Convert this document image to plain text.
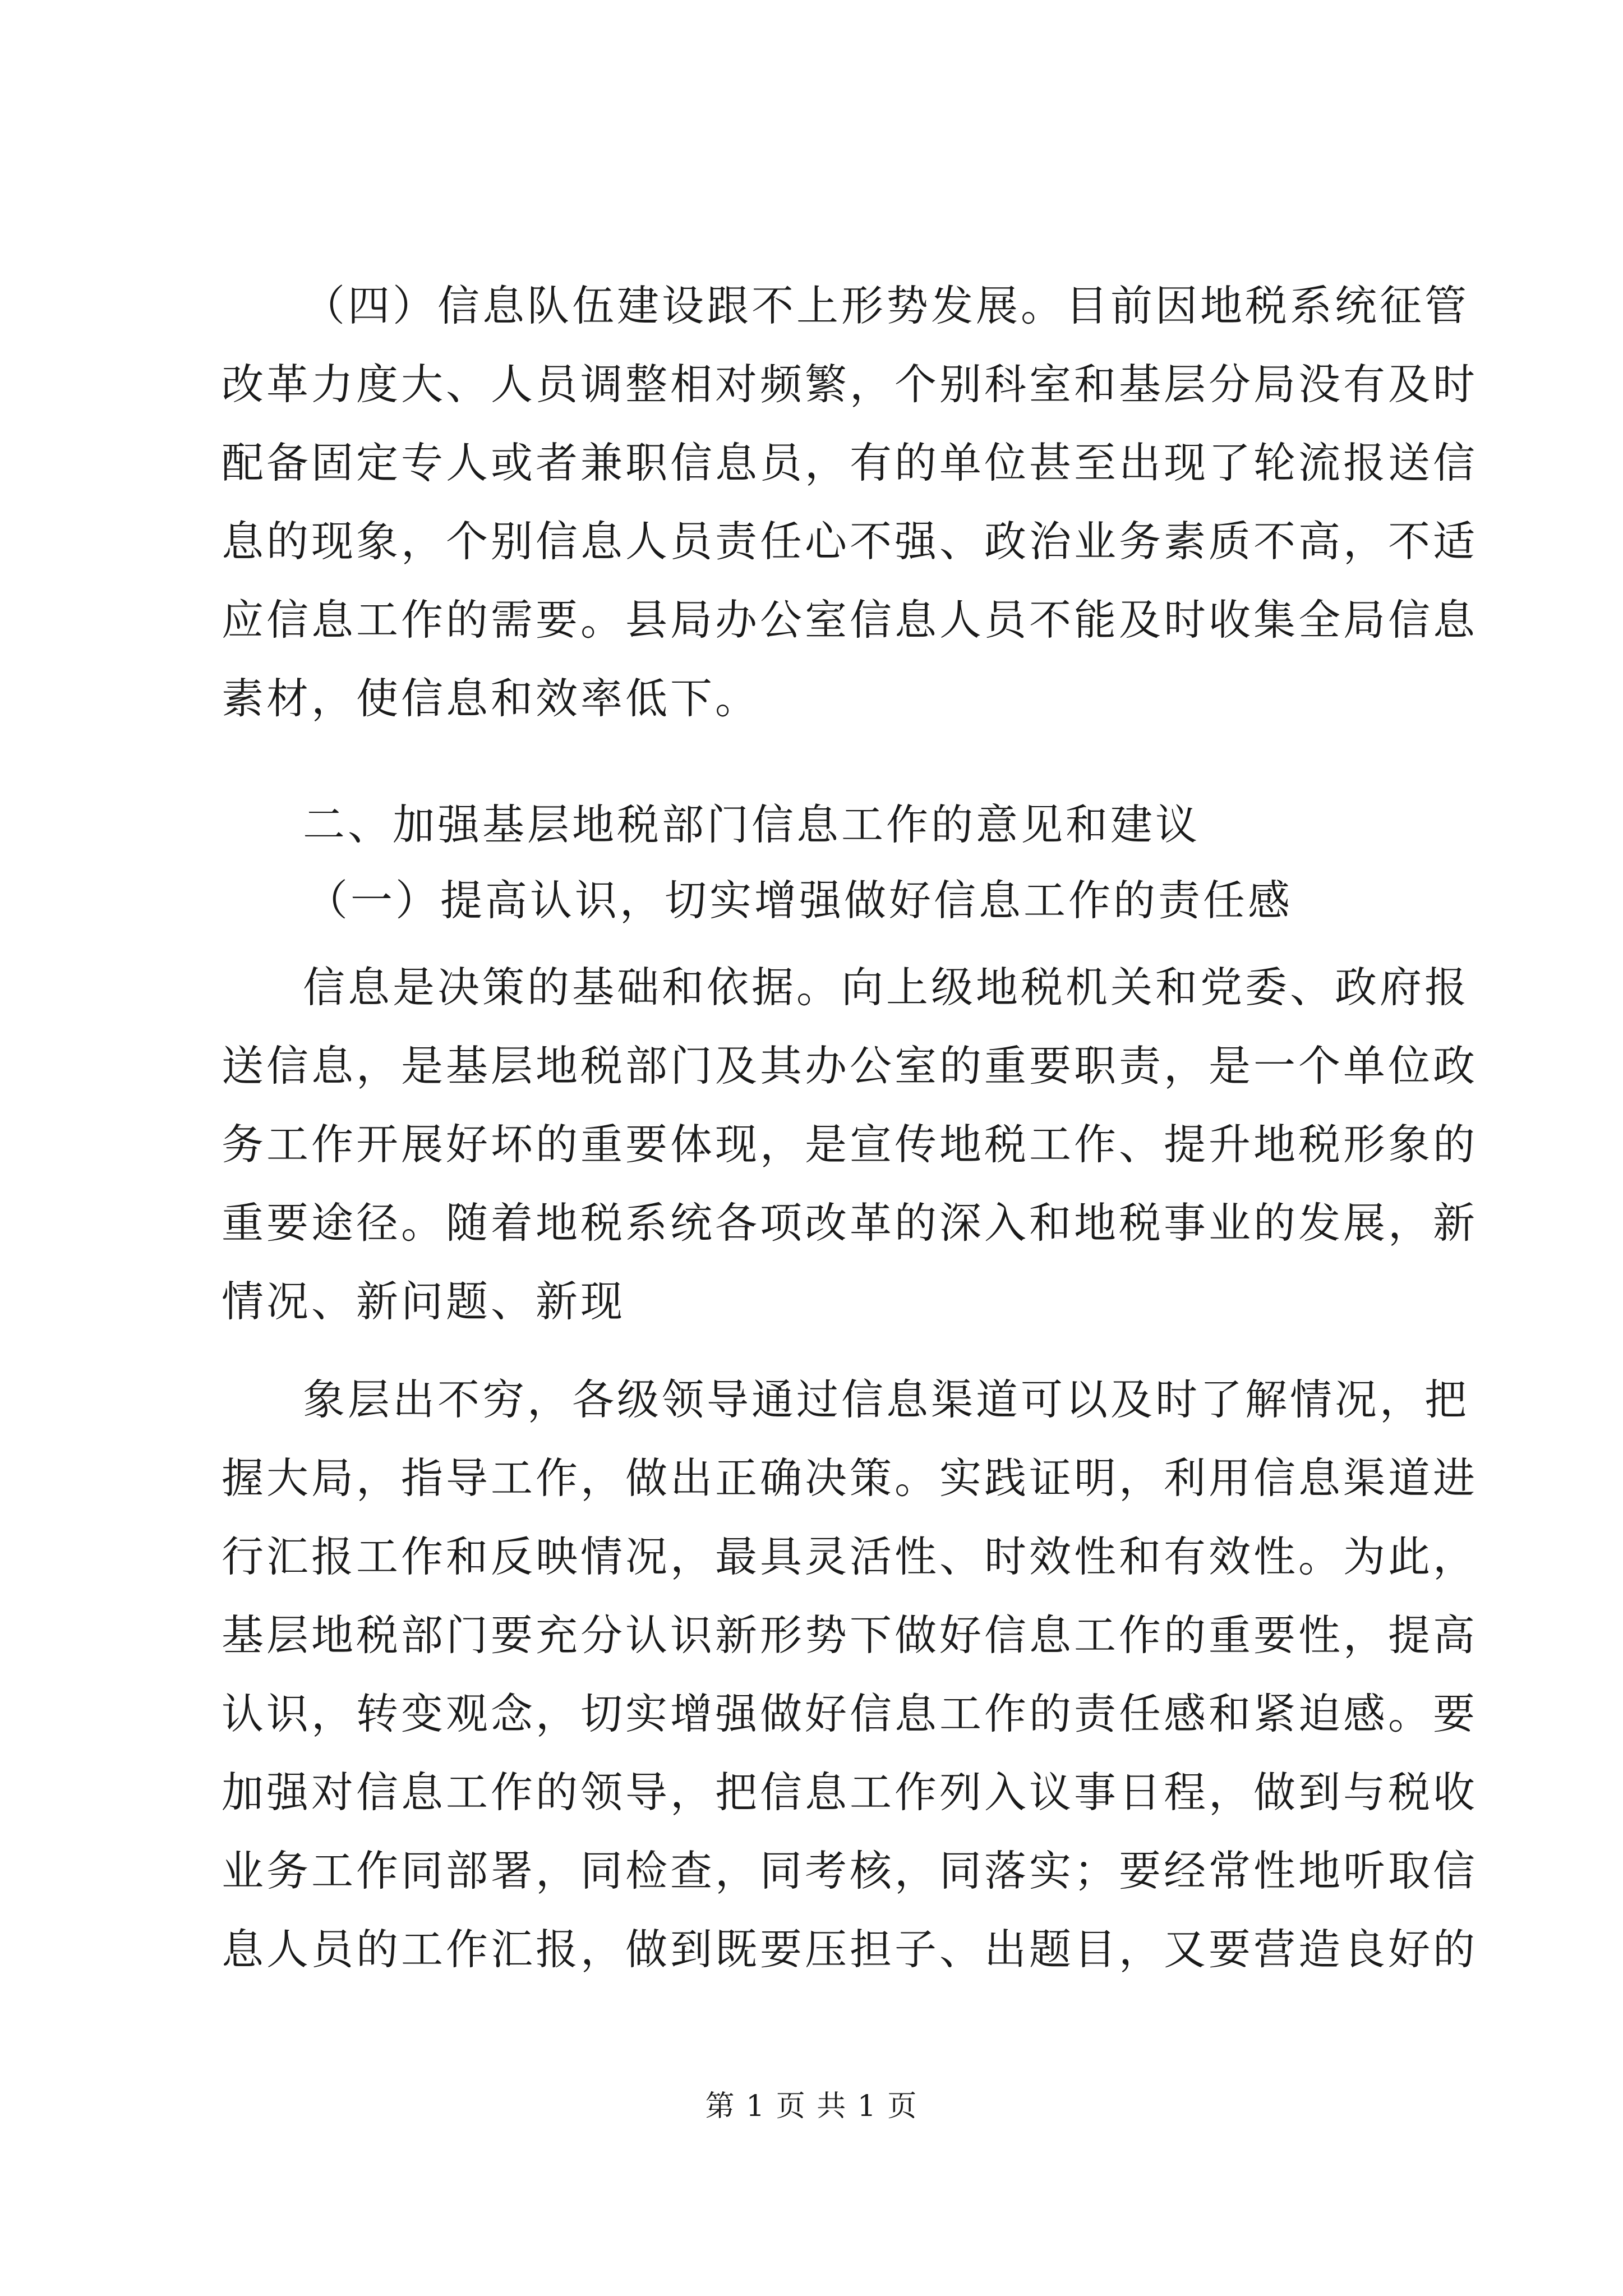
（四）信息队伍建设跟不上形势发展。目前因地税系统征管
改革力度大、人员调整相对频繁，个别科室和基层分局没有及时
配备固定专人或者兼职信息员，有的单位甚至出现了轮流报送信
息的现象，个别信息人员责任心不强、政治业务素质不高，不适
应信息工作的需要。县局办公室信息人员不能及时收集全局信息
素材，使信息和效率低下。
二、加强基层地税部门信息工作的意见和建议
（一）提高认识，切实增强做好信息工作的责任感
信息是决策的基础和依据。向上级地税机关和党委、政府报
送信息，是基层地税部门及其办公室的重要职责，是一个单位政
务工作开展好坏的重要体现，是宣传地税工作、提升地税形象的
重要途径。随着地税系统各项改革的深入和地税事业的发展，新
情况、新问题、新现
象层出不穷，各级领导通过信息渠道可以及时了解情况，把
握大局，指导工作，做出正确决策。实践证明，利用信息渠道进
行汇报工作和反映情况，最具灵活性、时效性和有效性。为此，
基层地税部门要充分认识新形势下做好信息工作的重要性，提高
认识，转变观念，切实增强做好信息工作的责任感和紧迫感。要
加强对信息工作的领导，把信息工作列入议事日程，做到与税收
业务工作同部署，同检查，同考核，同落实；要经常性地听取信
息人员的工作汇报，做到既要压担子、出题目，又要营造良好的
第 1 页 共 1 页
